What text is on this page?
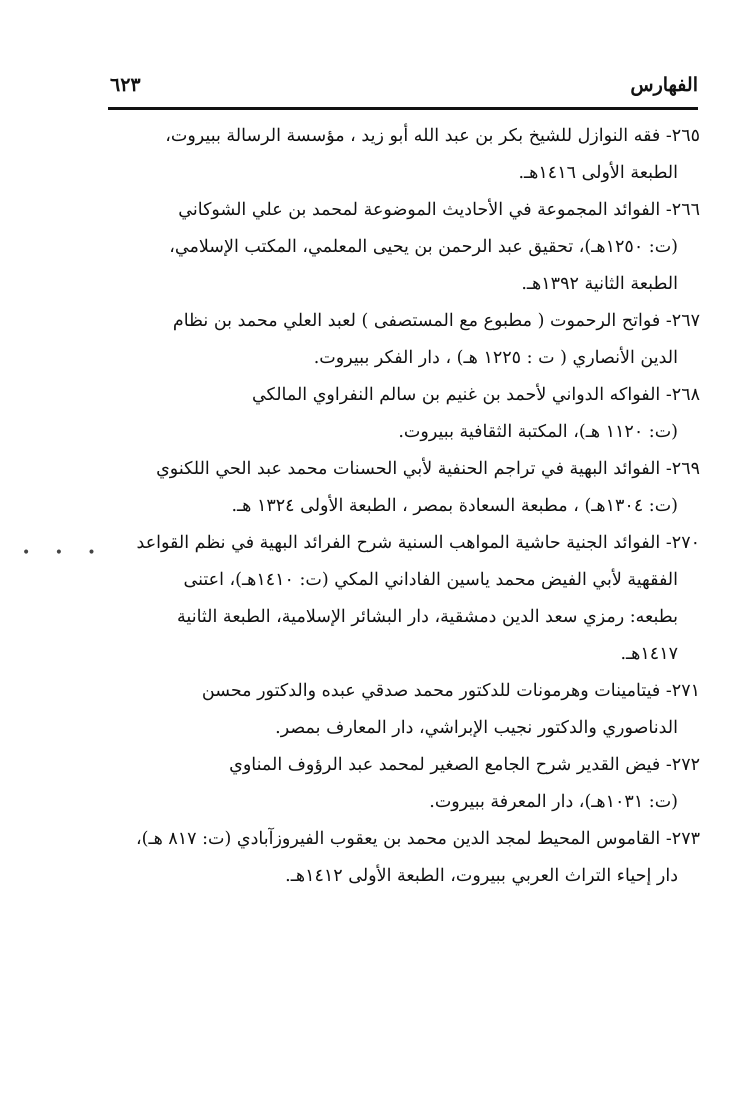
الفهارس
٦٢٣

٢٦٥- فقه النوازل للشيخ بكر بن عبد الله أبو زيد ، مؤسسة الرسالة ببيروت،
الطبعة الأولى ١٤١٦هـ.

٢٦٦- الفوائد المجموعة في الأحاديث الموضوعة لمحمد بن علي الشوكاني
(ت: ١٢٥٠هـ)، تحقيق عبد الرحمن بن يحيى المعلمي، المكتب الإسلامي،
الطبعة الثانية ١٣٩٢هـ.

٢٦٧- فواتح الرحموت ( مطبوع مع المستصفى ) لعبد العلي محمد بن نظام
الدين الأنصاري ( ت : ١٢٢٥ هـ) ، دار الفكر ببيروت.

٢٦٨- الفواكه الدواني لأحمد بن غنيم بن سالم النفراوي المالكي
(ت: ١١٢٠ هـ)، المكتبة الثقافية ببيروت.

٢٦٩- الفوائد البهية في تراجم الحنفية لأبي الحسنات محمد عبد الحي اللكنوي
(ت: ١٣٠٤هـ) ، مطبعة السعادة بمصر ، الطبعة الأولى ١٣٢٤ هـ.

٢٧٠- الفوائد الجنية حاشية المواهب السنية شرح الفرائد البهية في نظم القواعد
الفقهية لأبي الفيض محمد ياسين الفاداني المكي (ت: ١٤١٠هـ)، اعتنى
بطبعه: رمزي سعد الدين دمشقية، دار البشائر الإسلامية، الطبعة الثانية
١٤١٧هـ.

٢٧١- فيتامينات وهرمونات للدكتور محمد صدقي عبده والدكتور محسن
الدناصوري والدكتور نجيب الإبراشي، دار المعارف بمصر.

٢٧٢- فيض القدير شرح الجامع الصغير لمحمد عبد الرؤوف المناوي
(ت: ١٠٣١هـ)، دار المعرفة ببيروت.

٢٧٣- القاموس المحيط لمجد الدين محمد بن يعقوب الفيروزآبادي (ت: ٨١٧ هـ)،
دار إحياء التراث العربي ببيروت، الطبعة الأولى ١٤١٢هـ.

• • •
